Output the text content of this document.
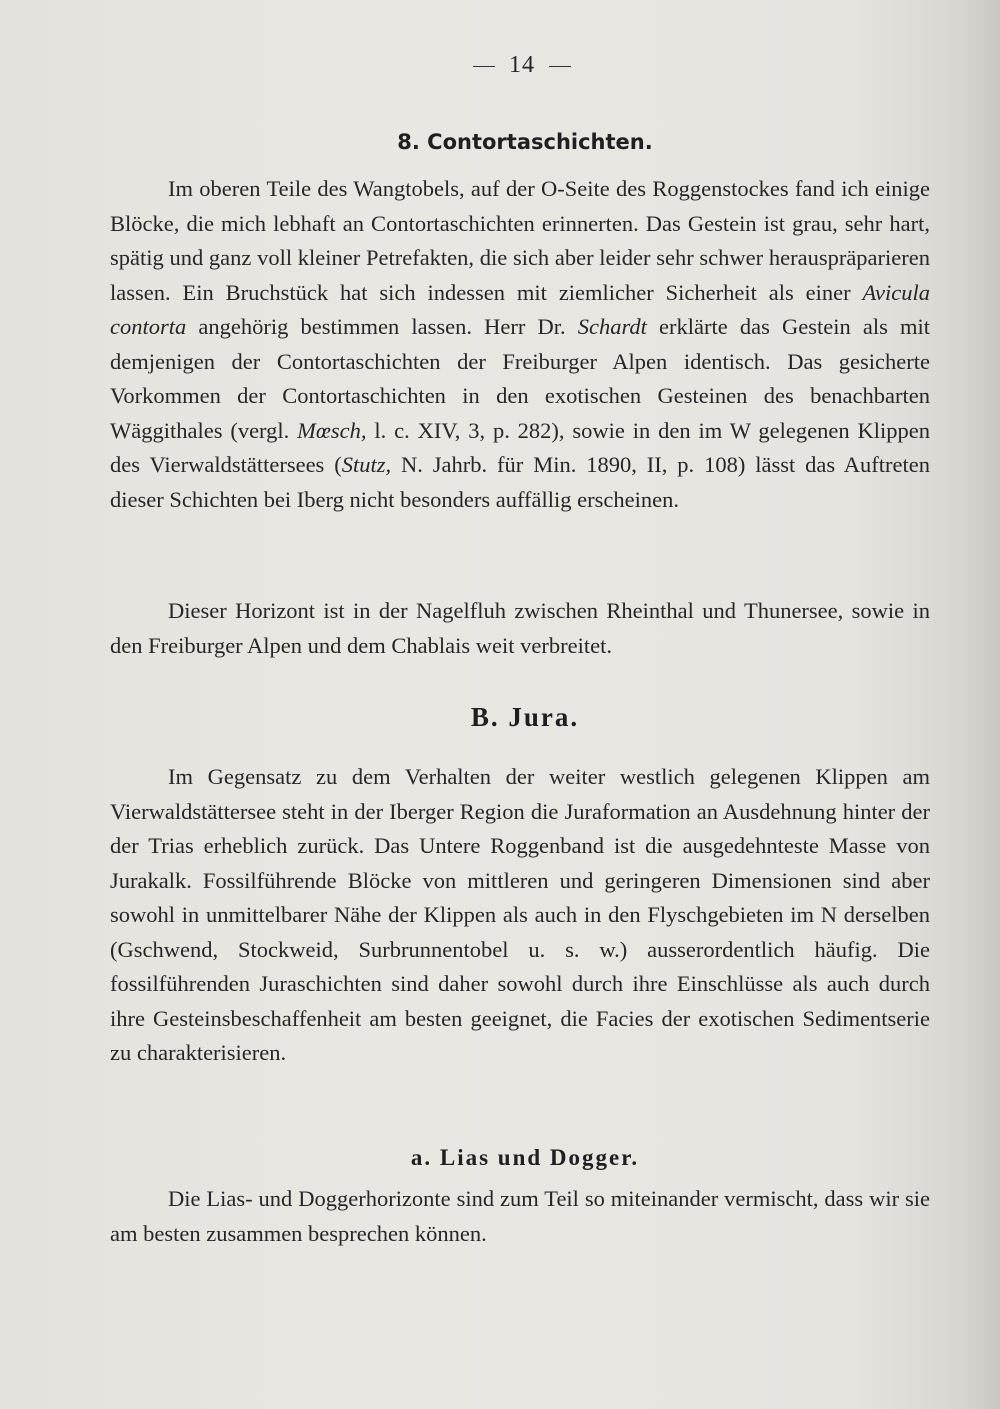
14
8. Contortaschichten.

Im oberen Teile des Wangtobels, auf der O-Seite des Roggenstockes fand ich einige Blöcke, die mich lebhaft an Contortaschichten erinnerten. Das Gestein ist grau, sehr hart, spätig und ganz voll kleiner Petrefakten, die sich aber leider sehr schwer herauspräparieren lassen. Ein Bruchstück hat sich indessen mit ziemlicher Sicherheit als einer Avicula contorta angehörig bestimmen lassen. Herr Dr. Schardt erklärte das Gestein als mit demjenigen der Contortaschichten der Freiburger Alpen identisch. Das gesicherte Vorkommen der Contortaschichten in den exotischen Gesteinen des benachbarten Wäggithales (vergl. Mœsch, l. c. XIV, 3, p. 282), sowie in den im W gelegenen Klippen des Vierwaldstättersees (Stutz, N. Jahrb. für Min. 1890, II, p. 108) lässt das Auftreten dieser Schichten bei Iberg nicht besonders auffällig erscheinen.

Dieser Horizont ist in der Nagelfluh zwischen Rheinthal und Thunersee, sowie in den Freiburger Alpen und dem Chablais weit verbreitet.

B. Jura.

Im Gegensatz zu dem Verhalten der weiter westlich gelegenen Klippen am Vierwaldstättersee steht in der Iberger Region die Juraformation an Ausdehnung hinter der der Trias erheblich zurück. Das Untere Roggenband ist die ausgedehnteste Masse von Jurakalk. Fossilführende Blöcke von mittleren und geringeren Dimensionen sind aber sowohl in unmittelbarer Nähe der Klippen als auch in den Flyschgebieten im N derselben (Gschwend, Stockweid, Surbrunnentobel u. s. w.) ausserordentlich häufig. Die fossilführenden Juraschichten sind daher sowohl durch ihre Einschlüsse als auch durch ihre Gesteinsbeschaffenheit am besten geeignet, die Facies der exotischen Sedimentserie zu charakterisieren.

a. Lias und Dogger.

Die Lias- und Doggerhorizonte sind zum Teil so miteinander vermischt, dass wir sie am besten zusammen besprechen können.
